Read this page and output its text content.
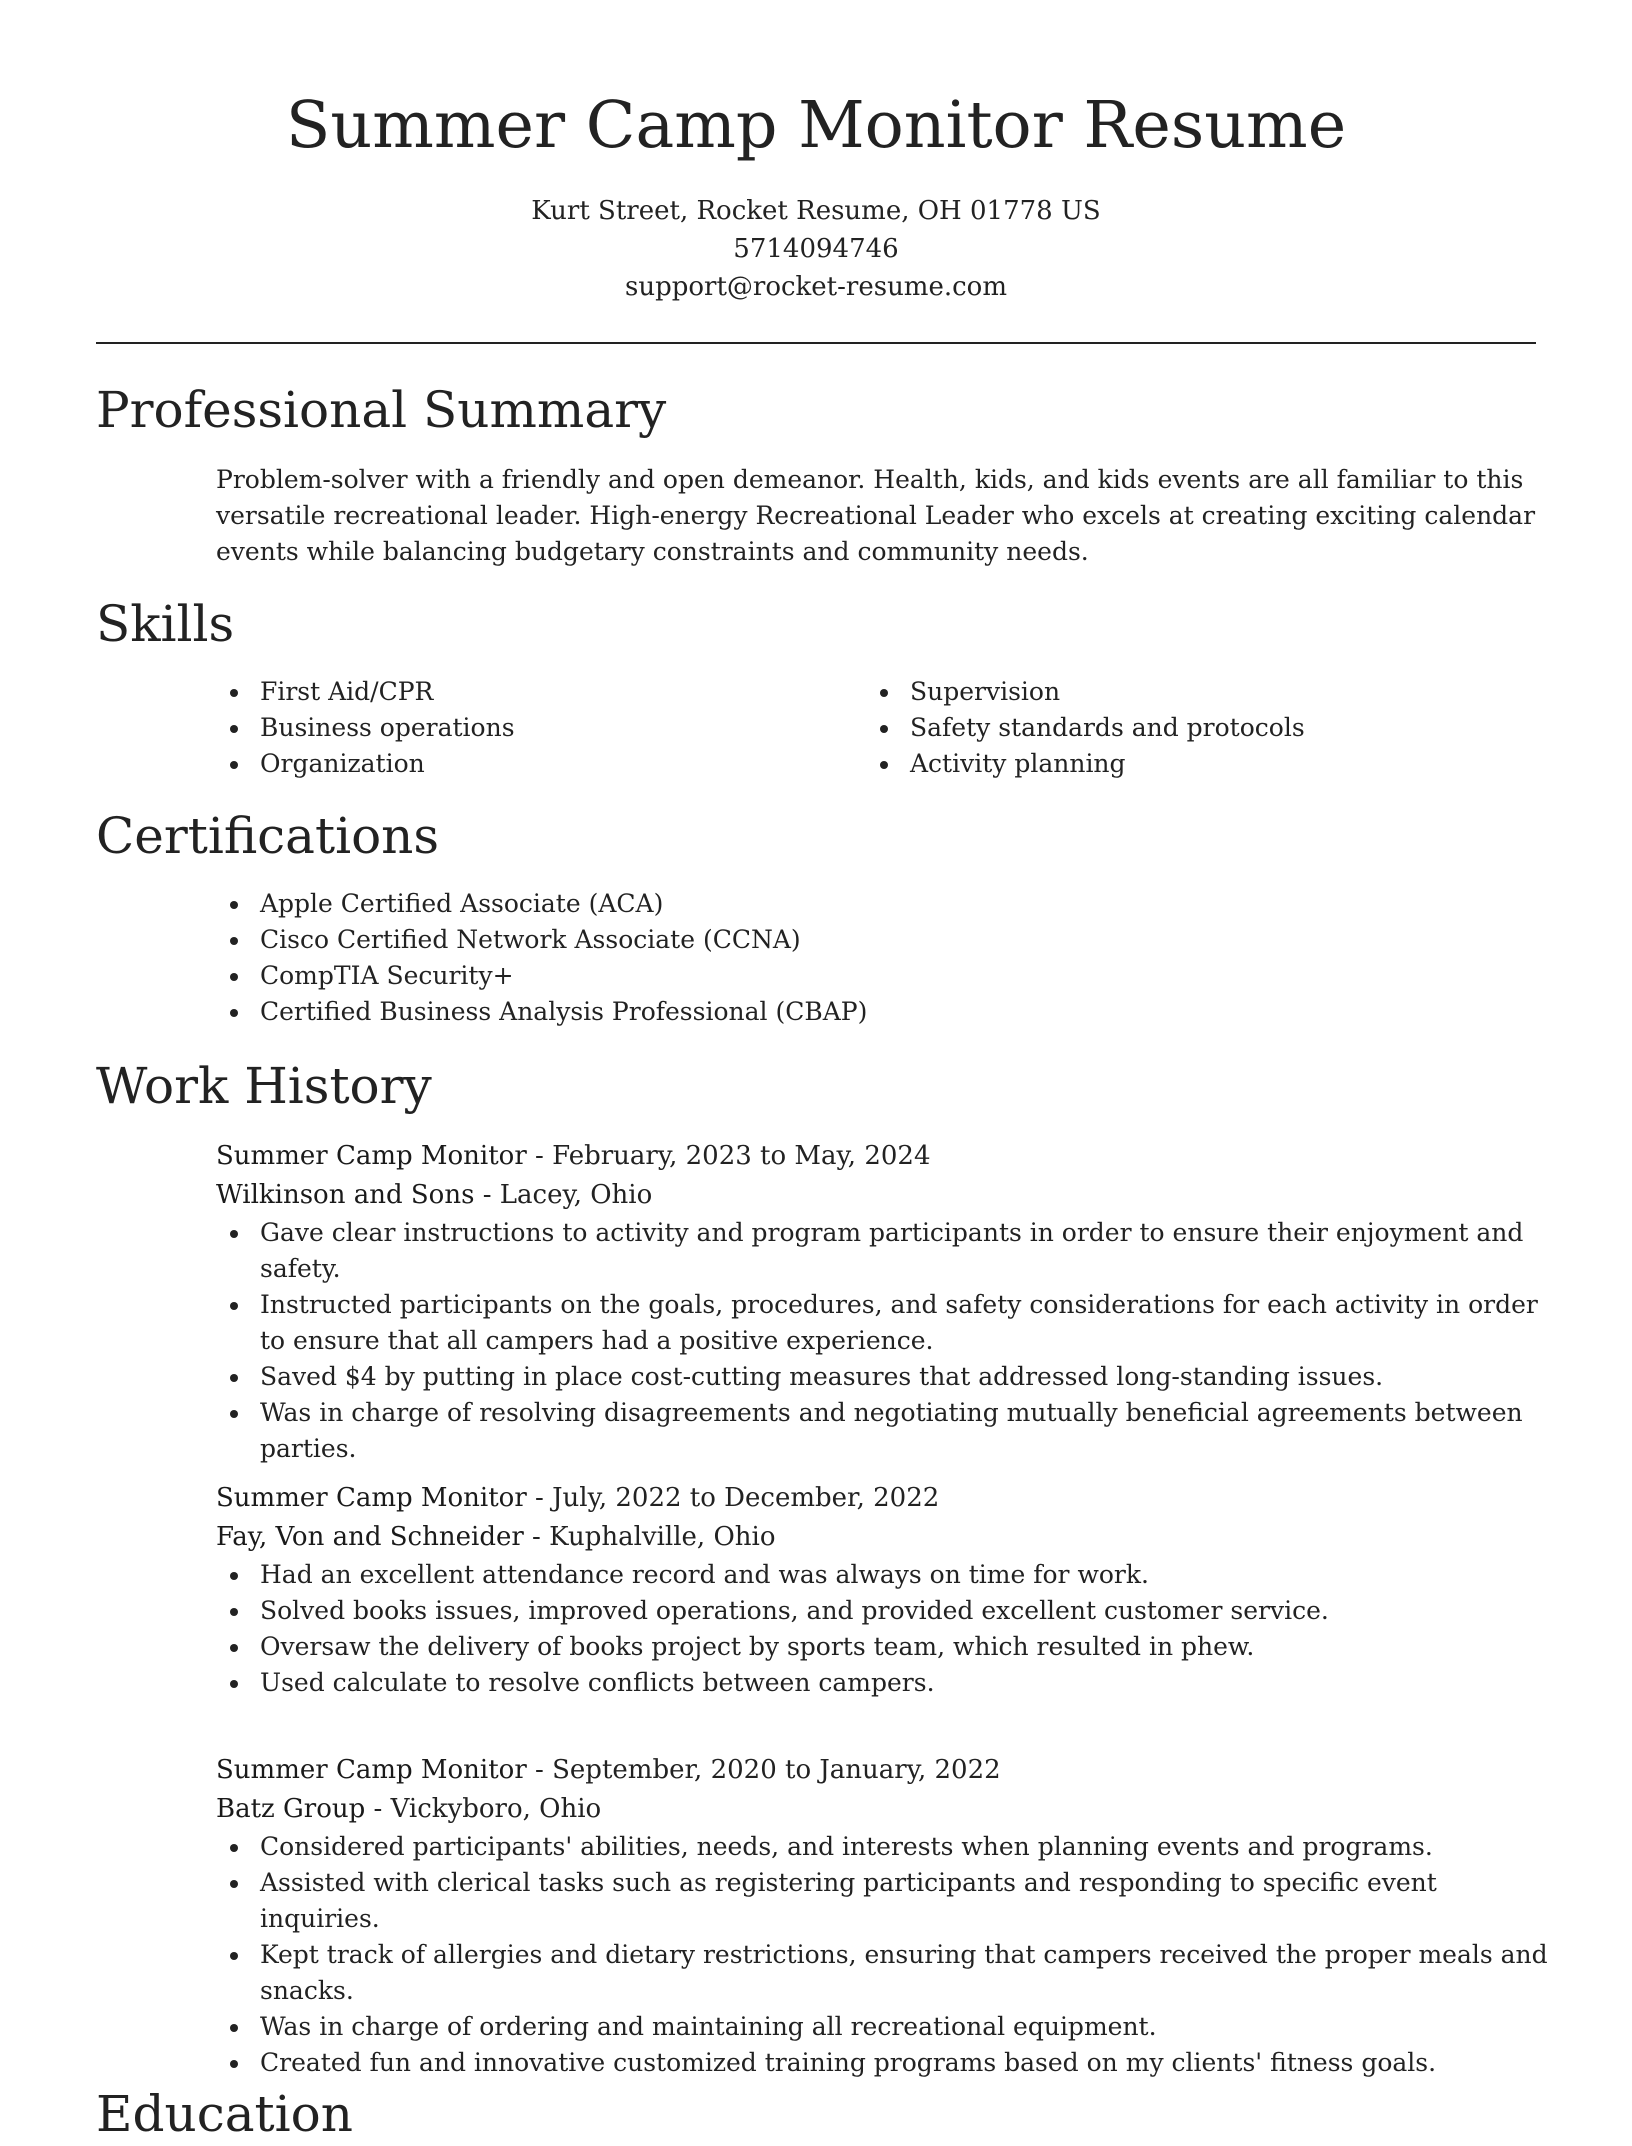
Summer Camp Monitor Resume
Kurt Street, Rocket Resume, OH 01778 US
5714094746
support@rocket-resume.com
Professional Summary
Problem-solver with a friendly and open demeanor. Health, kids, and kids events are all familiar to this versatile recreational leader. High-energy Recreational Leader who excels at creating exciting calendar events while balancing budgetary constraints and community needs.
Skills
First Aid/CPR
Business operations
Organization
Supervision
Safety standards and protocols
Activity planning
Certifications
Apple Certified Associate (ACA)
Cisco Certified Network Associate (CCNA)
CompTIA Security+
Certified Business Analysis Professional (CBAP)
Work History
Summer Camp Monitor - February, 2023 to May, 2024
Wilkinson and Sons - Lacey, Ohio
Gave clear instructions to activity and program participants in order to ensure their enjoyment and safety.
Instructed participants on the goals, procedures, and safety considerations for each activity in order to ensure that all campers had a positive experience.
Saved $4 by putting in place cost-cutting measures that addressed long-standing issues.
Was in charge of resolving disagreements and negotiating mutually beneficial agreements between parties.
Summer Camp Monitor - July, 2022 to December, 2022
Fay, Von and Schneider - Kuphalville, Ohio
Had an excellent attendance record and was always on time for work.
Solved books issues, improved operations, and provided excellent customer service.
Oversaw the delivery of books project by sports team, which resulted in phew.
Used calculate to resolve conflicts between campers.
Summer Camp Monitor - September, 2020 to January, 2022
Batz Group - Vickyboro, Ohio
Considered participants' abilities, needs, and interests when planning events and programs.
Assisted with clerical tasks such as registering participants and responding to specific event inquiries.
Kept track of allergies and dietary restrictions, ensuring that campers received the proper meals and snacks.
Was in charge of ordering and maintaining all recreational equipment.
Created fun and innovative customized training programs based on my clients' fitness goals.
Education
